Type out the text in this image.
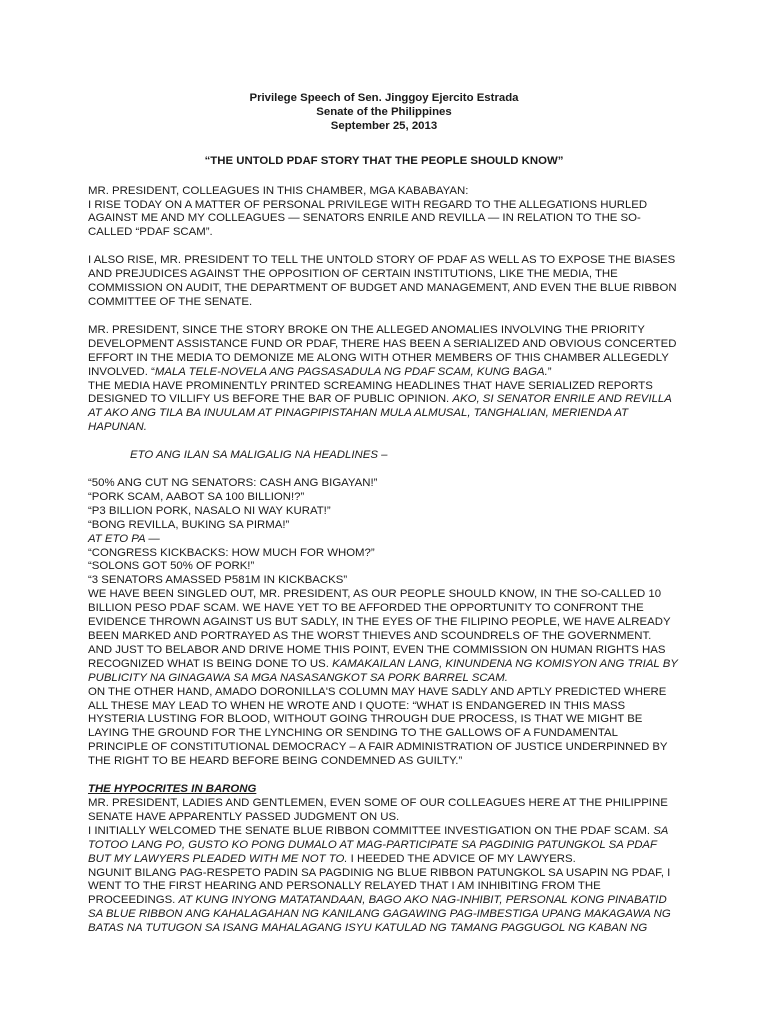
Privilege Speech of Sen. Jinggoy Ejercito Estrada
Senate of the Philippines
September 25, 2013
“THE UNTOLD PDAF STORY THAT THE PEOPLE SHOULD KNOW”
MR. PRESIDENT, COLLEAGUES IN THIS CHAMBER, MGA KABABAYAN:
I RISE TODAY ON A MATTER OF PERSONAL PRIVILEGE WITH REGARD TO THE ALLEGATIONS HURLED
AGAINST ME AND MY COLLEAGUES — SENATORS ENRILE AND REVILLA — IN RELATION TO THE SO-
CALLED “PDAF SCAM”.
I ALSO RISE, MR. PRESIDENT TO TELL THE UNTOLD STORY OF PDAF AS WELL AS TO EXPOSE THE BIASES
AND PREJUDICES AGAINST THE OPPOSITION OF CERTAIN INSTITUTIONS, LIKE THE MEDIA, THE
COMMISSION ON AUDIT, THE DEPARTMENT OF BUDGET AND MANAGEMENT, AND EVEN THE BLUE RIBBON
COMMITTEE OF THE SENATE.
MR. PRESIDENT, SINCE THE STORY BROKE ON THE ALLEGED ANOMALIES INVOLVING THE PRIORITY
DEVELOPMENT ASSISTANCE FUND OR PDAF, THERE HAS BEEN A SERIALIZED AND OBVIOUS CONCERTED
EFFORT IN THE MEDIA TO DEMONIZE ME ALONG WITH OTHER MEMBERS OF THIS CHAMBER ALLEGEDLY
INVOLVED. “MALA TELE-NOVELA ANG PAGSASADULA NG PDAF SCAM, KUNG BAGA.”
THE MEDIA HAVE PROMINENTLY PRINTED SCREAMING HEADLINES THAT HAVE SERIALIZED REPORTS
DESIGNED TO VILLIFY US BEFORE THE BAR OF PUBLIC OPINION. AKO, SI SENATOR ENRILE AND REVILLA
AT AKO ANG TILA BA INUULAM AT PINAGPIPISTAHAN MULA ALMUSAL, TANGHALIAN, MERIENDA AT
HAPUNAN.
ETO ANG ILAN SA MALIGALIG NA HEADLINES –
“50% ANG CUT NG SENATORS: CASH ANG BIGAYAN!”
“PORK SCAM, AABOT SA 100 BILLION!?”
“P3 BILLION PORK, NASALO NI WAY KURAT!”
“BONG REVILLA, BUKING SA PIRMA!”
AT ETO PA —
“CONGRESS KICKBACKS: HOW MUCH FOR WHOM?”
“SOLONS GOT 50% OF PORK!”
“3 SENATORS AMASSED P581M IN KICKBACKS”
WE HAVE BEEN SINGLED OUT, MR. PRESIDENT, AS OUR PEOPLE SHOULD KNOW, IN THE SO-CALLED 10
BILLION PESO PDAF SCAM. WE HAVE YET TO BE AFFORDED THE OPPORTUNITY TO CONFRONT THE
EVIDENCE THROWN AGAINST US BUT SADLY, IN THE EYES OF THE FILIPINO PEOPLE, WE HAVE ALREADY
BEEN MARKED AND PORTRAYED AS THE WORST THIEVES AND SCOUNDRELS OF THE GOVERNMENT.
AND JUST TO BELABOR AND DRIVE HOME THIS POINT, EVEN THE COMMISSION ON HUMAN RIGHTS HAS
RECOGNIZED WHAT IS BEING DONE TO US. KAMAKAILAN LANG, KINUNDENA NG KOMISYON ANG TRIAL BY
PUBLICITY NA GINAGAWA SA MGA NASASANGKOT SA PORK BARREL SCAM.
ON THE OTHER HAND, AMADO DORONILLA'S COLUMN MAY HAVE SADLY AND APTLY PREDICTED WHERE
ALL THESE MAY LEAD TO WHEN HE WROTE AND I QUOTE: “WHAT IS ENDANGERED IN THIS MASS
HYSTERIA LUSTING FOR BLOOD, WITHOUT GOING THROUGH DUE PROCESS, IS THAT WE MIGHT BE
LAYING THE GROUND FOR THE LYNCHING OR SENDING TO THE GALLOWS OF A FUNDAMENTAL
PRINCIPLE OF CONSTITUTIONAL DEMOCRACY – A FAIR ADMINISTRATION OF JUSTICE UNDERPINNED BY
THE RIGHT TO BE HEARD BEFORE BEING CONDEMNED AS GUILTY.”
THE HYPOCRITES IN BARONG
MR. PRESIDENT, LADIES AND GENTLEMEN, EVEN SOME OF OUR COLLEAGUES HERE AT THE PHILIPPINE
SENATE HAVE APPARENTLY PASSED JUDGMENT ON US.
I INITIALLY WELCOMED THE SENATE BLUE RIBBON COMMITTEE INVESTIGATION ON THE PDAF SCAM. SA
TOTOO LANG PO, GUSTO KO PONG DUMALO AT MAG-PARTICIPATE SA PAGDINIG PATUNGKOL SA PDAF
BUT MY LAWYERS PLEADED WITH ME NOT TO. I HEEDED THE ADVICE OF MY LAWYERS.
NGUNIT BILANG PAG-RESPETO PADIN SA PAGDINIG NG BLUE RIBBON PATUNGKOL SA USAPIN NG PDAF, I
WENT TO THE FIRST HEARING AND PERSONALLY RELAYED THAT I AM INHIBITING FROM THE
PROCEEDINGS. AT KUNG INYONG MATATANDAAN, BAGO AKO NAG-INHIBIT, PERSONAL KONG PINABATID
SA BLUE RIBBON ANG KAHALAGAHAN NG KANILANG GAGAWING PAG-IMBESTIGA UPANG MAKAGAWA NG
BATAS NA TUTUGON SA ISANG MAHALAGANG ISYU KATULAD NG TAMANG PAGGUGOL NG KABAN NG
